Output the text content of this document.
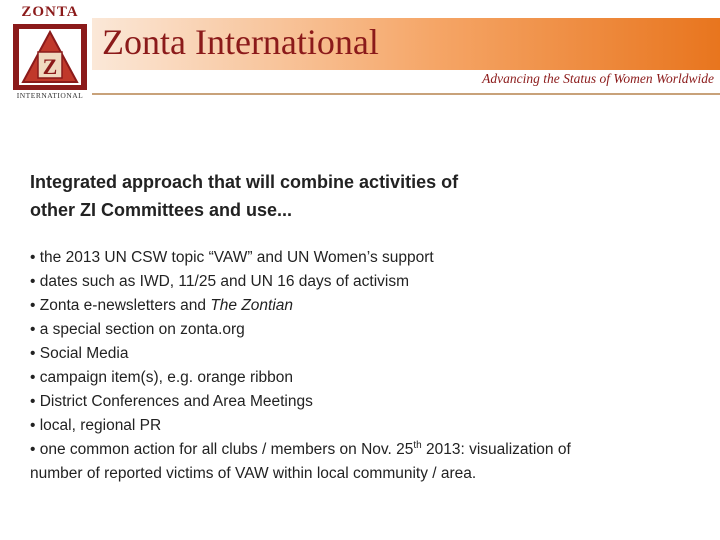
ZONTA
Z
INTERNATIONAL
Zonta International
Advancing the Status of Women Worldwide
Integrated approach that will combine activities of
other ZI Committees and use...
• the 2013 UN CSW topic “VAW” and UN Women’s support
• dates such as IWD, 11/25 and UN 16 days of activism
• Zonta e-newsletters and The Zontian
• a special section on zonta.org
• Social Media
• campaign item(s), e.g. orange ribbon
• District Conferences and Area Meetings
• local, regional PR
• one common action for all clubs / members on Nov. 25th 2013: visualization of
number of reported victims of VAW within local community / area.
